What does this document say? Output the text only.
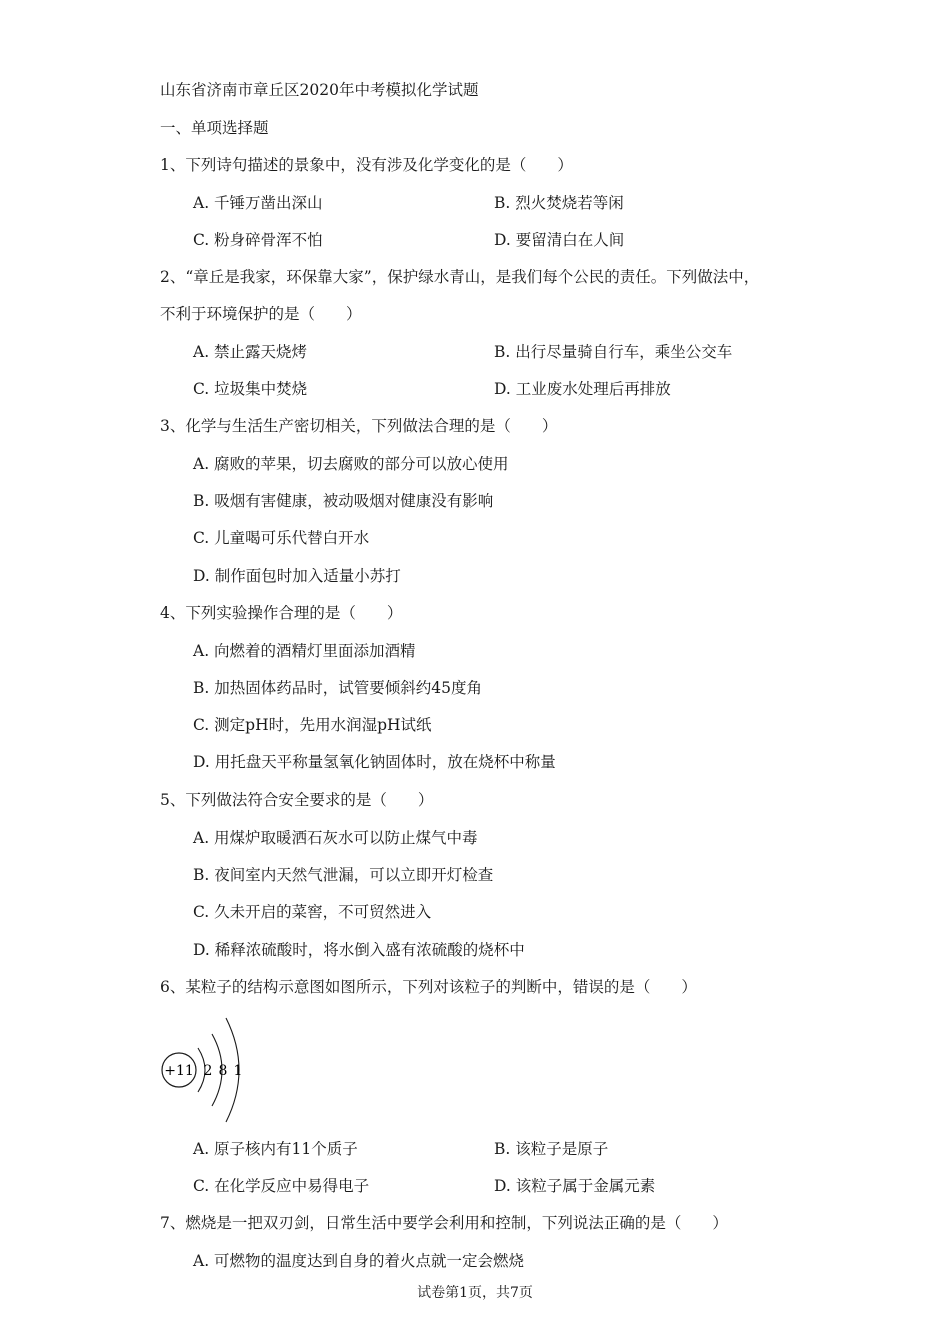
山东省济南市章丘区2020年中考模拟化学试题
一、单项选择题
1、下列诗句描述的景象中，没有涉及化学变化的是（　　）
A. 千锤万凿出深山	B. 烈火焚烧若等闲
C. 粉身碎骨浑不怕	D. 要留清白在人间
2、“章丘是我家，环保靠大家”，保护绿水青山，是我们每个公民的责任。下列做法中，
不利于环境保护的是（　　）
A. 禁止露天烧烤	B. 出行尽量骑自行车，乘坐公交车
C. 垃圾集中焚烧	D. 工业废水处理后再排放
3、化学与生活生产密切相关，下列做法合理的是（　　）
A. 腐败的苹果，切去腐败的部分可以放心使用
B. 吸烟有害健康，被动吸烟对健康没有影响
C. 儿童喝可乐代替白开水
D. 制作面包时加入适量小苏打
4、下列实验操作合理的是（　　）
A. 向燃着的酒精灯里面添加酒精
B. 加热固体药品时，试管要倾斜约45度角
C. 测定pH时，先用水润湿pH试纸
D. 用托盘天平称量氢氧化钠固体时，放在烧杯中称量
5、下列做法符合安全要求的是（　　）
A. 用煤炉取暖洒石灰水可以防止煤气中毒
B. 夜间室内天然气泄漏，可以立即开灯检查
C. 久未开启的菜窖，不可贸然进入
D. 稀释浓硫酸时，将水倒入盛有浓硫酸的烧杯中
6、某粒子的结构示意图如图所示，下列对该粒子的判断中，错误的是（　　）
+11 2 8 1
A. 原子核内有11个质子	B. 该粒子是原子
C. 在化学反应中易得电子	D. 该粒子属于金属元素
7、燃烧是一把双刃剑，日常生活中要学会利用和控制，下列说法正确的是（　　）
A. 可燃物的温度达到自身的着火点就一定会燃烧
试卷第1页，共7页
